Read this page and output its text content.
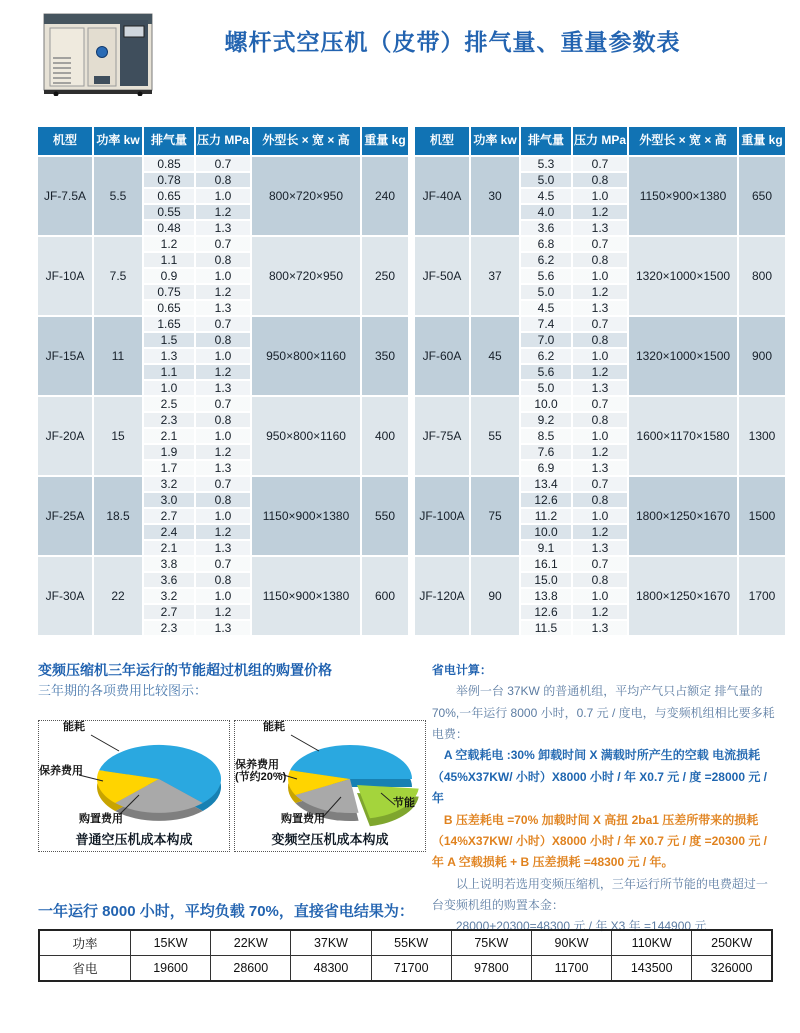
螺杆式空压机（皮带）排气量、重量参数表
机型	功率 kw	排气量	压力 MPa	外型长 × 宽 × 高	重量 kg
JF-7.5A	5.5	0.85	0.7	800×720×950	240
		0.78	0.8		
		0.65	1.0		
		0.55	1.2		
		0.48	1.3		
JF-10A	7.5	1.2	0.7	800×720×950	250
		1.1	0.8		
		0.9	1.0		
		0.75	1.2		
		0.65	1.3		
JF-15A	11	1.65	0.7	950×800×1160	350
		1.5	0.8		
		1.3	1.0		
		1.1	1.2		
		1.0	1.3		
JF-20A	15	2.5	0.7	950×800×1160	400
		2.3	0.8		
		2.1	1.0		
		1.9	1.2		
		1.7	1.3		
JF-25A	18.5	3.2	0.7	1150×900×1380	550
		3.0	0.8		
		2.7	1.0		
		2.4	1.2		
		2.1	1.3		
JF-30A	22	3.8	0.7	1150×900×1380	600
		3.6	0.8		
		3.2	1.0		
		2.7	1.2		
		2.3	1.3		
机型	功率 kw	排气量	压力 MPa	外型长 × 宽 × 高	重量 kg
JF-40A	30	5.3	0.7	1150×900×1380	650
		5.0	0.8		
		4.5	1.0		
		4.0	1.2		
		3.6	1.3		
JF-50A	37	6.8	0.7	1320×1000×1500	800
		6.2	0.8		
		5.6	1.0		
		5.0	1.2		
		4.5	1.3		
JF-60A	45	7.4	0.7	1320×1000×1500	900
		7.0	0.8		
		6.2	1.0		
		5.6	1.2		
		5.0	1.3		
JF-75A	55	10.0	0.7	1600×1170×1580	1300
		9.2	0.8		
		8.5	1.0		
		7.6	1.2		
		6.9	1.3		
JF-100A	75	13.4	0.7	1800×1250×1670	1500
		12.6	0.8		
		11.2	1.0		
		10.0	1.2		
		9.1	1.3		
JF-120A	90	16.1	0.7	1800×1250×1670	1700
		15.0	0.8		
		13.8	1.0		
		12.6	1.2		
		11.5	1.3		
变频压缩机三年运行的节能超过机组的购置价格
三年期的各项费用比较图示：
能耗
保养费用
购置费用
普通空压机成本构成
能耗
保养费用
(节约20%)
购置费用
节能
变频空压机成本构成

省电计算：

举例一台 37KW 的普通机组，平均产气只占额定 排气量的 70%,一年运行 8000 小时，0.7 元 / 度电，与变频机组相比要多耗电费：

A 空载耗电 :30% 卸载时间 X 满载时所产生的空载 电流损耗（45%X37KW/ 小时）X8000 小时 / 年 X0.7 元 / 度 =28000 元 / 年

B 压差耗电 =70% 加载时间 X 高扭 2ba1 压差所带来的损耗（14%X37KW/ 小时）X8000 小时 / 年 X0.7 元 / 度 =20300 元 / 年 A 空载损耗 + B 压差损耗 =48300 元 / 年。

以上说明若选用变频压缩机，三年运行所节能的电费超过一台变频机组的购置本金：

28000+20300=48300 元 / 年 X3 年 =144900 元

一年运行 8000 小时，平均负载 70%，直接省电结果为：
功率	15KW	22KW	37KW	55KW	75KW	90KW	110KW	250KW
省电	19600	28600	48300	71700	97800	11700	143500	326000
